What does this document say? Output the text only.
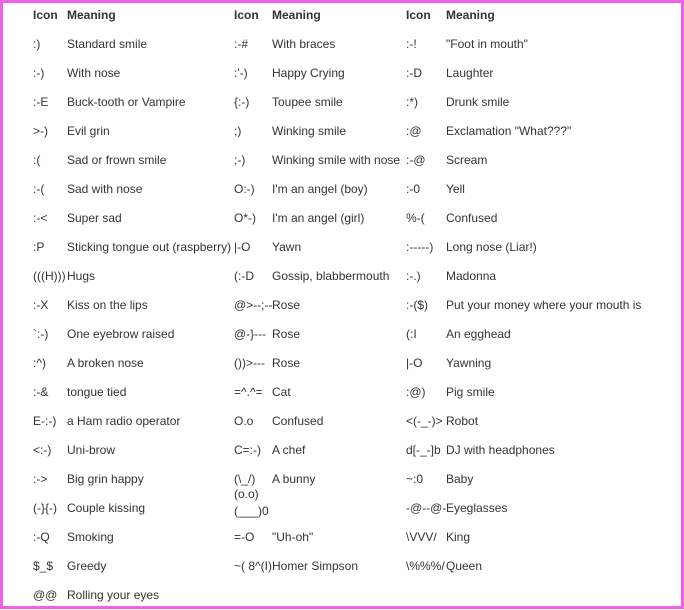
Icon Meaning
:) Standard smile
:-) With nose
:-E Buck-tooth or Vampire
>-) Evil grin
:( Sad or frown smile
:-( Sad with nose
:-< Super sad
:P Sticking tongue out (raspberry)
(((H))) Hugs
:-X Kiss on the lips
`:-) One eyebrow raised
:^) A broken nose
:-& tongue tied
E-:-) a Ham radio operator
<:-) Uni-brow
:-> Big grin happy
(-}{-) Couple kissing
:-Q Smoking
$_$ Greedy
@@ Rolling your eyes
Icon Meaning
:-# With braces
:'-) Happy Crying
{:-) Toupee smile
;)	Winking smile
;-) Winking smile with nose
O:-) I'm an angel (boy)
O*-) I'm an angel (girl)
|-O Yawn
(:-D Gossip, blabbermouth
@>--;-- Rose
@-}--- Rose
())>--- Rose
=^.^= Cat
O.o Confused
C=:-) A chef
(\_/) A bunny
(o.o)
(___)0
=-O "Uh-oh"
~( 8^(I) Homer Simpson
Icon Meaning
:-! "Foot in mouth"
:-D Laughter
:*) Drunk smile
:@ Exclamation "What???"
:-@ Scream
:-0 Yell
%-( Confused
:-----) Long nose (Liar!)
:-.) Madonna
:-($) Put your money where your mouth is
(:I An egghead
|-O Yawning
:@) Pig smile
<(-_-)> Robot
d[-_-]b DJ with headphones
~:0 Baby
-@--@- Eyeglasses
\VVV/ King
\%%%/ Queen
